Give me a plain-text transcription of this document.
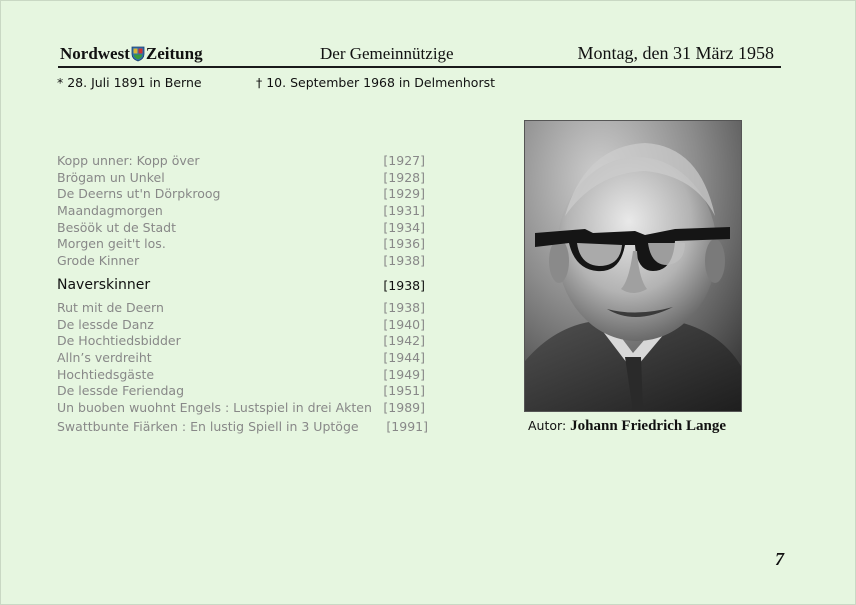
Nordwest Zeitung	Der Gemeinnützige	Montag, den 31 März 1958
* 28. Juli 1891 in Berne	† 10. September 1968 in Delmenhorst
Kopp unner: Kopp över	[1927]
Brögam un Unkel	[1928]
De Deerns ut'n Dörpkroog	[1929]
Maandagmorgen	[1931]
Besöök ut de Stadt	[1934]
Morgen geit't los.	[1936]
Grode Kinner	[1938]
Naverskinner	[1938]
Rut mit de Deern	[1938]
De lessde Danz	[1940]
De Hochtiedsbidder	[1942]
Alln’s verdreiht	[1944]
Hochtiedsgäste	[1949]
De lessde Feriendag	[1951]
Un buoben wuohnt Engels : Lustspiel in drei Akten [1989]
Swattbunte Fiärken : En lustig Spiell in 3 Uptöge [1991]	Autor: Johann Friedrich Lange
7
